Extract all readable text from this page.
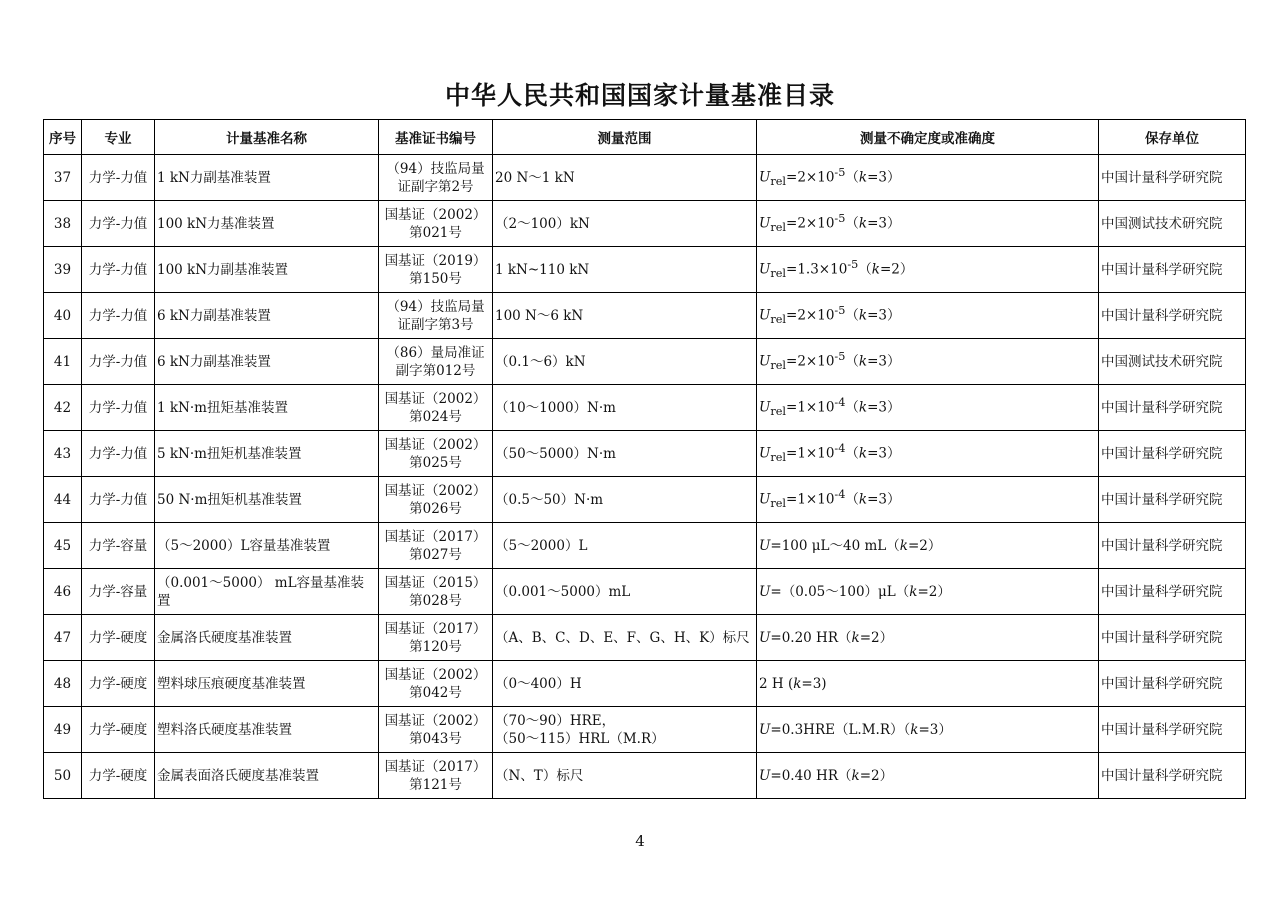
中华人民共和国国家计量基准目录
序号	专业	计量基准名称	基准证书编号	测量范围	测量不确定度或准确度	保存单位
37	力学-力值	1 kN力副基准装置	（94）技监局量证副字第2号	20 N～1 kN	$U_{rel}=2\times 10^{-5}(k=3)$	中国计量科学研究院
38	力学-力值	100 kN力基准装置	国基证（2002）第021号	（2～100）kN	$U_{rel}=2\times 10^{-5}(k=3)$	中国测试技术研究院
39	力学-力值	100 kN力副基准装置	国基证（2019）第150号	1 kN~110 kN	$U_{rel}=1.3\times 10^{-5}(k=2)$	中国计量科学研究院
40	力学-力值	6 kN力副基准装置	（94）技监局量证副字第3号	100 N～6 kN	$U_{rel}=2\times 10^{-5}(k=3)$	中国计量科学研究院
41	力学-力值	6 kN力副基准装置	（86）量局准证副字第012号	（0.1～6）kN	$U_{rel}=2\times 10^{-5}(k=3)$	中国测试技术研究院
42	力学-力值	1 kN·m扭矩基准装置	国基证（2002）第024号	（10～1000）N·m	$U_{rel}=1\times 10^{-4}(k=3)$	中国计量科学研究院
43	力学-力值	5 kN·m扭矩机基准装置	国基证（2002）第025号	（50～5000）N·m	$U_{rel}=1\times 10^{-4}(k=3)$	中国计量科学研究院
44	力学-力值	50 N·m扭矩机基准装置	国基证（2002）第026号	（0.5～50）N·m	$U_{rel}=1\times 10^{-4}(k=3)$	中国计量科学研究院
45	力学-容量	（5～2000）L容量基准装置	国基证（2017）第027号	（5～2000）L	U=100 μL～40 mL（k=2）	中国计量科学研究院
46	力学-容量	（0.001～5000） mL容量基准装置	国基证（2015）第028号	（0.001～5000）mL	U=（0.05～100）μL（k=2）	中国计量科学研究院
47	力学-硬度	金属洛氏硬度基准装置	国基证（2017）第120号	（A、B、C、D、E、F、G、H、K）标尺	U=0.20 HR（k=2）	中国计量科学研究院
48	力学-硬度	塑料球压痕硬度基准装置	国基证（2002）第042号	（0～400）H	2 H (k=3)	中国计量科学研究院
49	力学-硬度	塑料洛氏硬度基准装置	国基证（2002）第043号	（70～90）HRE，
（50～115）HRL（M.R）	U=0.3HRE（L.M.R）（k=3）	中国计量科学研究院
50	力学-硬度	金属表面洛氏硬度基准装置	国基证（2017）第121号	（N、T）标尺	U=0.40 HR（k=2）	中国计量科学研究院
4
